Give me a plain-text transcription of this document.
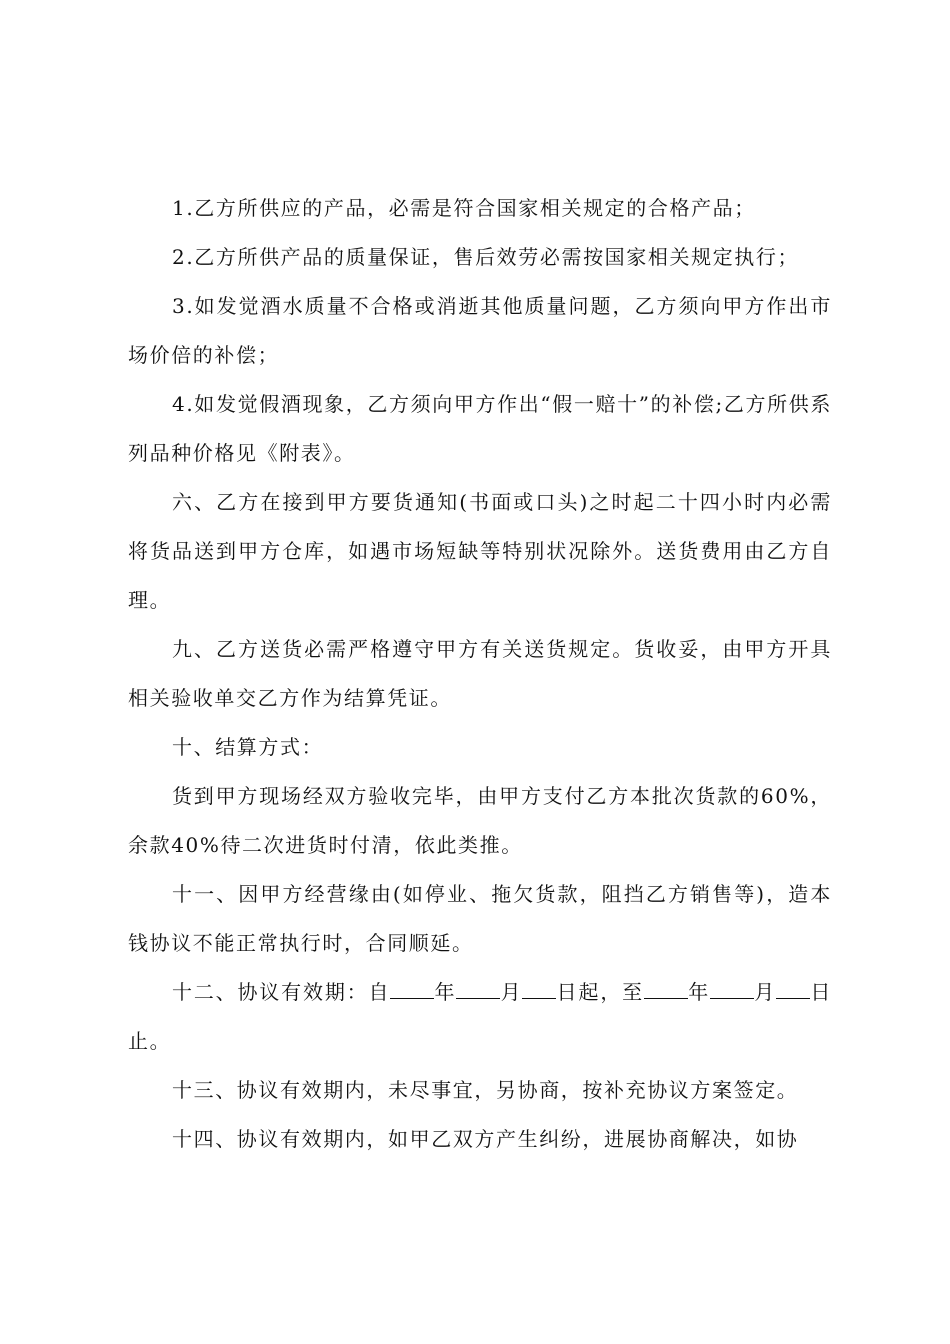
1.乙方所供应的产品，必需是符合国家相关规定的合格产品；

2.乙方所供产品的质量保证，售后效劳必需按国家相关规定执行；

3.如发觉酒水质量不合格或消逝其他质量问题，乙方须向甲方作出市场价倍的补偿；

4.如发觉假酒现象，乙方须向甲方作出“假一赔十”的补偿;乙方所供系列品种价格见《附表》。

六、乙方在接到甲方要货通知(书面或口头)之时起二十四小时内必需将货品送到甲方仓库，如遇市场短缺等特别状况除外。送货费用由乙方自理。

九、乙方送货必需严格遵守甲方有关送货规定。货收妥，由甲方开具相关验收单交乙方作为结算凭证。

十、结算方式：

货到甲方现场经双方验收完毕，由甲方支付乙方本批次货款的60%，余款40%待二次进货时付清，依此类推。

十一、因甲方经营缘由(如停业、拖欠货款，阻挡乙方销售等)，造本钱协议不能正常执行时，合同顺延。

十二、协议有效期：自 年 月 日起，至 年 月 日止。

十三、协议有效期内，未尽事宜，另协商，按补充协议方案签定。

十四、协议有效期内，如甲乙双方产生纠纷，进展协商解决，如协
